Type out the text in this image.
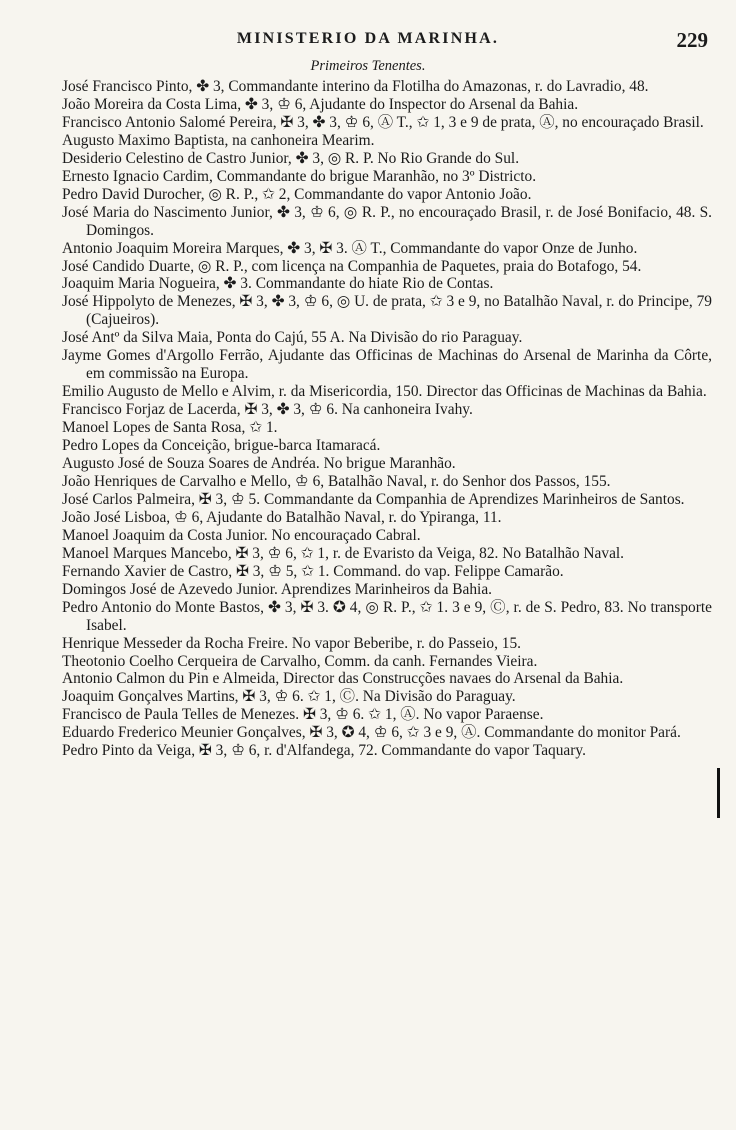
MINISTERIO DA MARINHA.	229
Primeiros Tenentes.

José Francisco Pinto, ✤ 3, Commandante interino da Flotilha do Amazonas, r. do Lavradio, 48.

João Moreira da Costa Lima, ✤ 3, ♔ 6, Ajudante do Inspector do Arsenal da Bahia.

Francisco Antonio Salomé Pereira, ✠ 3, ✤ 3, ♔ 6, Ⓐ T., ✩ 1, 3 e 9 de prata, Ⓐ, no encouraçado Brasil.

Augusto Maximo Baptista, na canhoneira Mearim.

Desiderio Celestino de Castro Junior, ✤ 3, ◎ R. P. No Rio Grande do Sul.

Ernesto Ignacio Cardim, Commandante do brigue Maranhão, no 3º Districto.

Pedro David Durocher, ◎ R. P., ✩ 2, Commandante do vapor Antonio João.

José Maria do Nascimento Junior, ✤ 3, ♔ 6, ◎ R. P., no encouraçado Brasil, r. de José Bonifacio, 48. S. Domingos.

Antonio Joaquim Moreira Marques, ✤ 3, ✠ 3. Ⓐ T., Commandante do vapor Onze de Junho.

José Candido Duarte, ◎ R. P., com licença na Companhia de Paquetes, praia do Botafogo, 54.

Joaquim Maria Nogueira, ✤ 3. Commandante do hiate Rio de Contas.

José Hippolyto de Menezes, ✠ 3, ✤ 3, ♔ 6, ◎ U. de prata, ✩ 3 e 9, no Batalhão Naval, r. do Principe, 79 (Cajueiros).

José Antº da Silva Maia, Ponta do Cajú, 55 A. Na Divisão do rio Paraguay.

Jayme Gomes d'Argollo Ferrão, Ajudante das Officinas de Machinas do Arsenal de Marinha da Côrte, em commissão na Europa.

Emilio Augusto de Mello e Alvim, r. da Misericordia, 150. Director das Officinas de Machinas da Bahia.

Francisco Forjaz de Lacerda, ✠ 3, ✤ 3, ♔ 6. Na canhoneira Ivahy.

Manoel Lopes de Santa Rosa, ✩ 1.

Pedro Lopes da Conceição, brigue-barca Itamaracá.

Augusto José de Souza Soares de Andréa. No brigue Maranhão.

João Henriques de Carvalho e Mello, ♔ 6, Batalhão Naval, r. do Senhor dos Passos, 155.

José Carlos Palmeira, ✠ 3, ♔ 5. Commandante da Companhia de Aprendizes Marinheiros de Santos.

João José Lisboa, ♔ 6, Ajudante do Batalhão Naval, r. do Ypiranga, 11.

Manoel Joaquim da Costa Junior. No encouraçado Cabral.

Manoel Marques Mancebo, ✠ 3, ♔ 6, ✩ 1, r. de Evaristo da Veiga, 82. No Batalhão Naval.

Fernando Xavier de Castro, ✠ 3, ♔ 5, ✩ 1. Command. do vap. Felippe Camarão.

Domingos José de Azevedo Junior. Aprendizes Marinheiros da Bahia.

Pedro Antonio do Monte Bastos, ✤ 3, ✠ 3. ✪ 4, ◎ R. P., ✩ 1. 3 e 9, Ⓒ, r. de S. Pedro, 83. No transporte Isabel.

Henrique Messeder da Rocha Freire. No vapor Beberibe, r. do Passeio, 15.

Theotonio Coelho Cerqueira de Carvalho, Comm. da canh. Fernandes Vieira.

Antonio Calmon du Pin e Almeida, Director das Construcções navaes do Arsenal da Bahia.

Joaquim Gonçalves Martins, ✠ 3, ♔ 6. ✩ 1, Ⓒ. Na Divisão do Paraguay.

Francisco de Paula Telles de Menezes. ✠ 3, ♔ 6. ✩ 1, Ⓐ. No vapor Paraense.

Eduardo Frederico Meunier Gonçalves, ✠ 3, ✪ 4, ♔ 6, ✩ 3 e 9, Ⓐ. Commandante do monitor Pará.

Pedro Pinto da Veiga, ✠ 3, ♔ 6, r. d'Alfandega, 72. Commandante do vapor Taquary.
